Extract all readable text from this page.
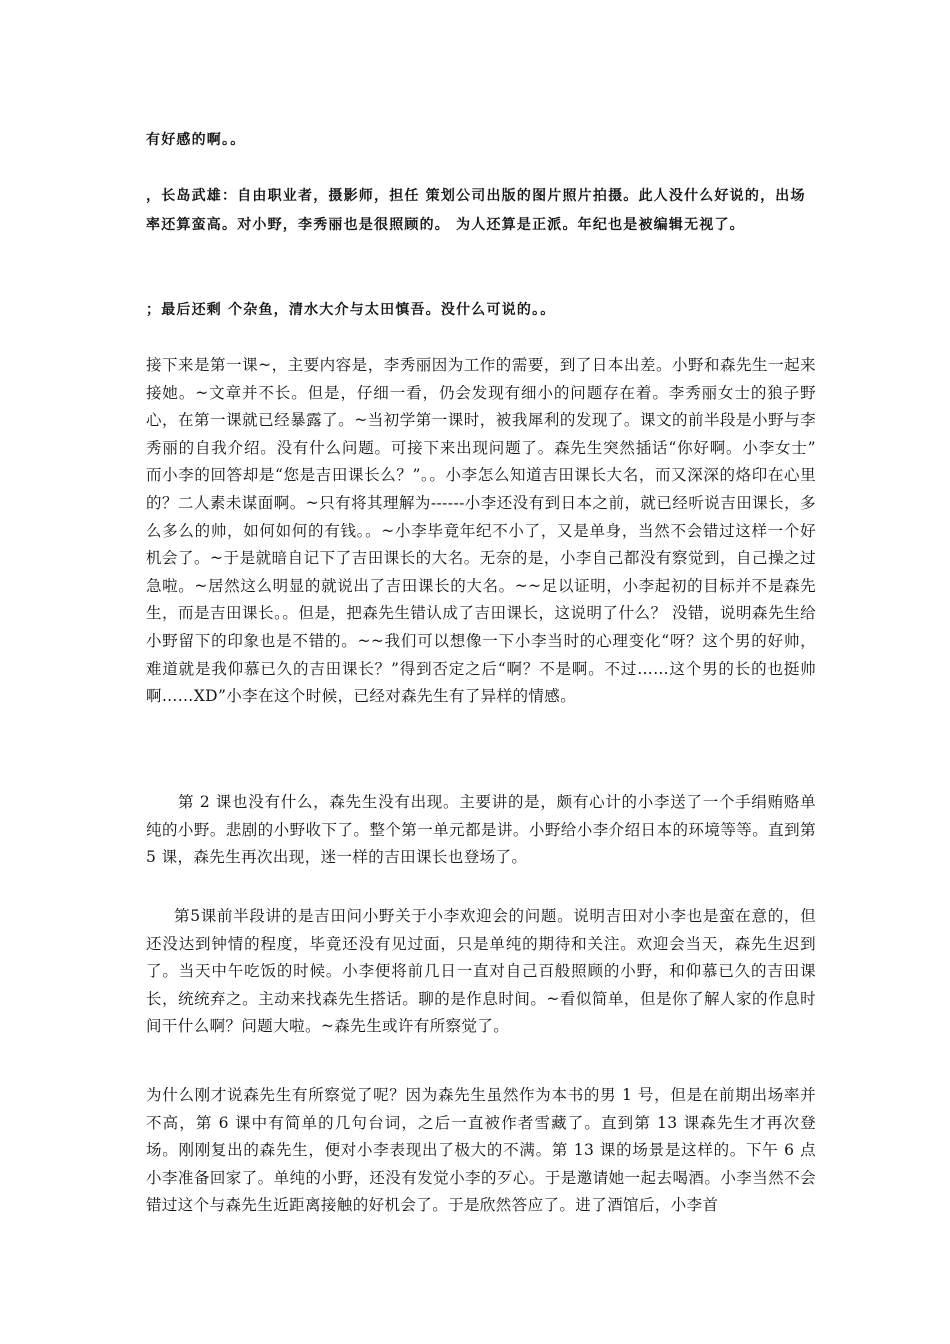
有好感的啊。。
，长岛武雄：自由职业者，摄影师，担任 策划公司出版的图片照片拍摄。此人没什么好说的，出场率还算蛮高。对小野，李秀丽也是很照顾的。 为人还算是正派。年纪也是被编辑无视了。
；最后还剩 个杂鱼，清水大介与太田慎吾。没什么可说的。。
接下来是第一课~，主要内容是，李秀丽因为工作的需要，到了日本出差。小野和森先生一起来接她。~文章并不长。但是，仔细一看，仍会发现有细小的问题存在着。李秀丽女士的狼子野心，在第一课就已经暴露了。~当初学第一课时，被我犀利的发现了。课文的前半段是小野与李秀丽的自我介绍。没有什么问题。可接下来出现问题了。森先生突然插话“你好啊。小李女士” 而小李的回答却是“您是吉田课长么？”。。小李怎么知道吉田课长大名，而又深深的烙印在心里的？二人素未谋面啊。~只有将其理解为------小李还没有到日本之前，就已经听说吉田课长，多么多么的帅，如何如何的有钱。。~小李毕竟年纪不小了，又是单身，当然不会错过这样一个好机会了。~于是就暗自记下了吉田课长的大名。无奈的是，小李自己都没有察觉到，自己操之过急啦。~居然这么明显的就说出了吉田课长的大名。~~足以证明，小李起初的目标并不是森先生，而是吉田课长。。但是，把森先生错认成了吉田课长，这说明了什么？ 没错，说明森先生给小野留下的印象也是不错的。~~我们可以想像一下小李当时的心理变化“呀？这个男的好帅，难道就是我仰慕已久的吉田课长？”得到否定之后“啊？不是啊。不过……这个男的长的也挺帅啊……XD”小李在这个时候，已经对森先生有了异样的情感。
第 2 课也没有什么，森先生没有出现。主要讲的是，颇有心计的小李送了一个手绢贿赂单纯的小野。悲剧的小野收下了。整个第一单元都是讲。小野给小李介绍日本的环境等等。直到第 5 课，森先生再次出现，迷一样的吉田课长也登场了。
第5课前半段讲的是吉田问小野关于小李欢迎会的问题。说明吉田对小李也是蛮在意的，但还没达到钟情的程度，毕竟还没有见过面，只是单纯的期待和关注。欢迎会当天，森先生迟到了。当天中午吃饭的时候。小李便将前几日一直对自己百般照顾的小野，和仰慕已久的吉田课长，统统弃之。主动来找森先生搭话。聊的是作息时间。~看似简单，但是你了解人家的作息时间干什么啊？问题大啦。~森先生或许有所察觉了。
为什么刚才说森先生有所察觉了呢？因为森先生虽然作为本书的男 1 号，但是在前期出场率并不高，第 6 课中有简单的几句台词，之后一直被作者雪藏了。直到第 13 课森先生才再次登场。刚刚复出的森先生，便对小李表现出了极大的不满。第 13 课的场景是这样的。下午 6 点小李准备回家了。单纯的小野，还没有发觉小李的歹心。于是邀请她一起去喝酒。小李当然不会错过这个与森先生近距离接触的好机会了。于是欣然答应了。进了酒馆后，小李首
